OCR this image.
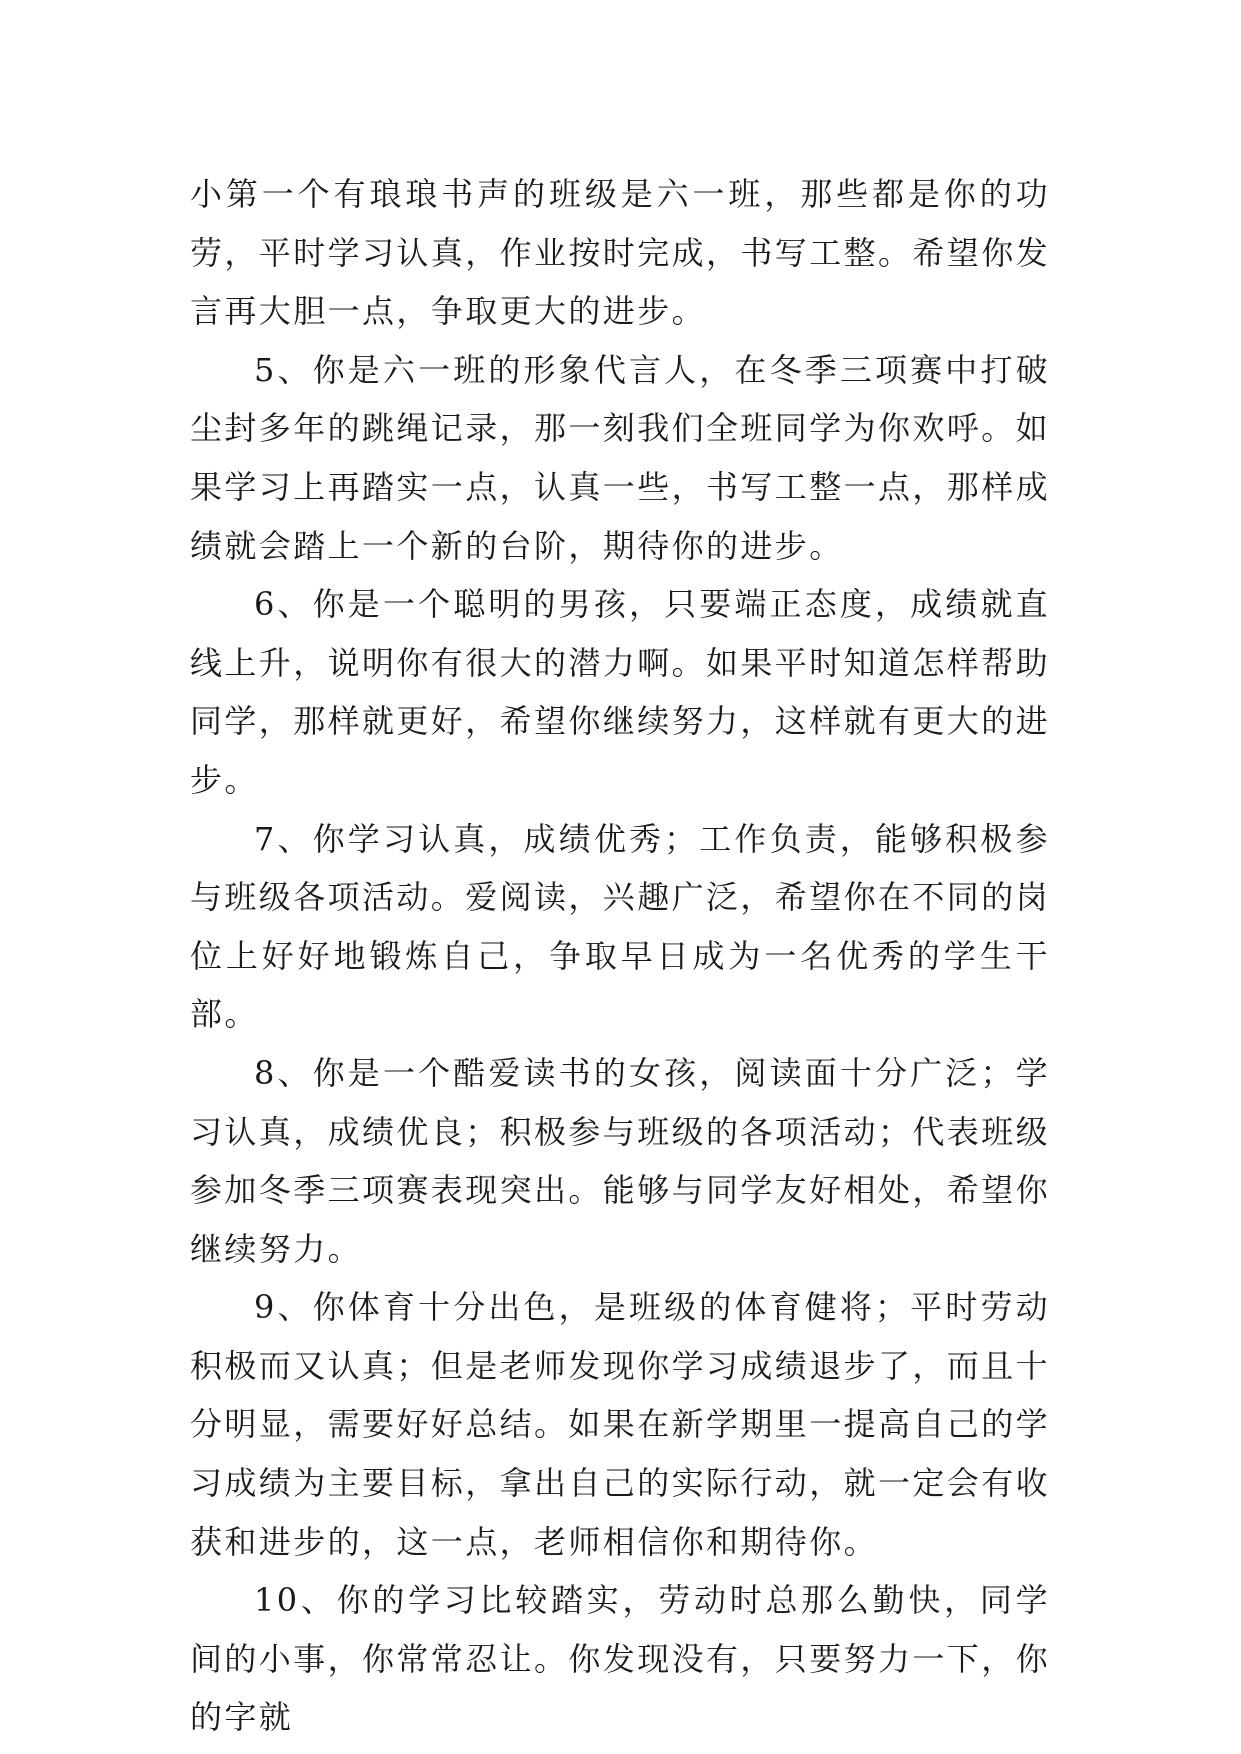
小第一个有琅琅书声的班级是六一班，那些都是你的功劳，平时学习认真，作业按时完成，书写工整。希望你发言再大胆一点，争取更大的进步。

5、你是六一班的形象代言人，在冬季三项赛中打破尘封多年的跳绳记录，那一刻我们全班同学为你欢呼。如果学习上再踏实一点，认真一些，书写工整一点，那样成绩就会踏上一个新的台阶，期待你的进步。

6、你是一个聪明的男孩，只要端正态度，成绩就直线上升，说明你有很大的潜力啊。如果平时知道怎样帮助同学，那样就更好，希望你继续努力，这样就有更大的进步。

7、你学习认真，成绩优秀；工作负责，能够积极参与班级各项活动。爱阅读，兴趣广泛，希望你在不同的岗位上好好地锻炼自己，争取早日成为一名优秀的学生干部。

8、你是一个酷爱读书的女孩，阅读面十分广泛；学习认真，成绩优良；积极参与班级的各项活动；代表班级参加冬季三项赛表现突出。能够与同学友好相处，希望你继续努力。

9、你体育十分出色，是班级的体育健将；平时劳动积极而又认真；但是老师发现你学习成绩退步了，而且十分明显，需要好好总结。如果在新学期里一提高自己的学习成绩为主要目标，拿出自己的实际行动，就一定会有收获和进步的，这一点，老师相信你和期待你。

10、你的学习比较踏实，劳动时总那么勤快，同学间的小事，你常常忍让。你发现没有，只要努力一下，你的字就
